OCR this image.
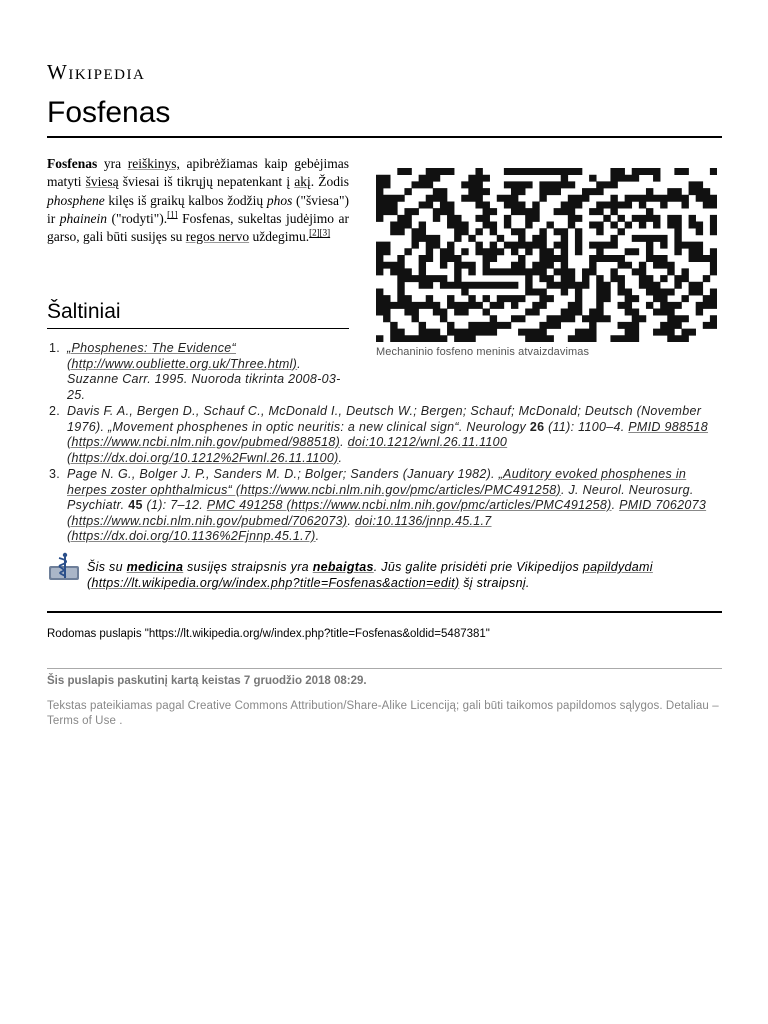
Wikipedia
Fosfenas

Fosfenas yra reiškinys, apibrėžiamas kaip gebėjimas matyti šviesą šviesai iš tikrųjų nepatenkant į akį. Žodis phosphene kilęs iš graikų kalbos žodžių phos ("šviesa") ir phainein ("rodyti").[1] Fosfenas, sukeltas judėjimo ar garso, gali būti susijęs su regos nervo uždegimu.[2][3]

Mechaninio fosfeno meninis atvaizdavimas
Šaltiniai
1. „Phosphenes: The Evidence“ (http://www.oubliette.org.uk/Three.html). Suzanne Carr. 1995. Nuoroda tikrinta 2008-03-25.
2. Davis F. A., Bergen D., Schauf C., McDonald I., Deutsch W.; Bergen; Schauf; McDonald; Deutsch (November 1976). „Movement phosphenes in optic neuritis: a new clinical sign“. Neurology 26 (11): 1100–4. PMID 988518 (https://www.ncbi.nlm.nih.gov/pubmed/988518). doi:10.1212/wnl.26.11.1100 (https://dx.doi.org/10.1212%2Fwnl.26.11.1100).
3. Page N. G., Bolger J. P., Sanders M. D.; Bolger; Sanders (January 1982). „Auditory evoked phosphenes in herpes zoster ophthalmicus“ (https://www.ncbi.nlm.nih.gov/pmc/articles/PMC491258). J. Neurol. Neurosurg. Psychiatr. 45 (1): 7–12. PMC 491258 (https://www.ncbi.nlm.nih.gov/pmc/articles/PMC491258). PMID 7062073 (https://www.ncbi.nlm.nih.gov/pubmed/7062073). doi:10.1136/jnnp.45.1.7 (https://dx.doi.org/10.1136%2Fjnnp.45.1.7).
Šis su medicina susijęs straipsnis yra nebaigtas. Jūs galite prisidėti prie Vikipedijos papildydami (https://lt.wikipedia.org/w/index.php?title=Fosfenas&action=edit) šį straipsnį.
Rodomas puslapis "https://lt.wikipedia.org/w/index.php?title=Fosfenas&oldid=5487381"
Šis puslapis paskutinį kartą keistas 7 gruodžio 2018 08:29.
Tekstas pateikiamas pagal Creative Commons Attribution/Share-Alike Licenciją; gali būti taikomos papildomos sąlygos. Detaliau – Terms of Use .
